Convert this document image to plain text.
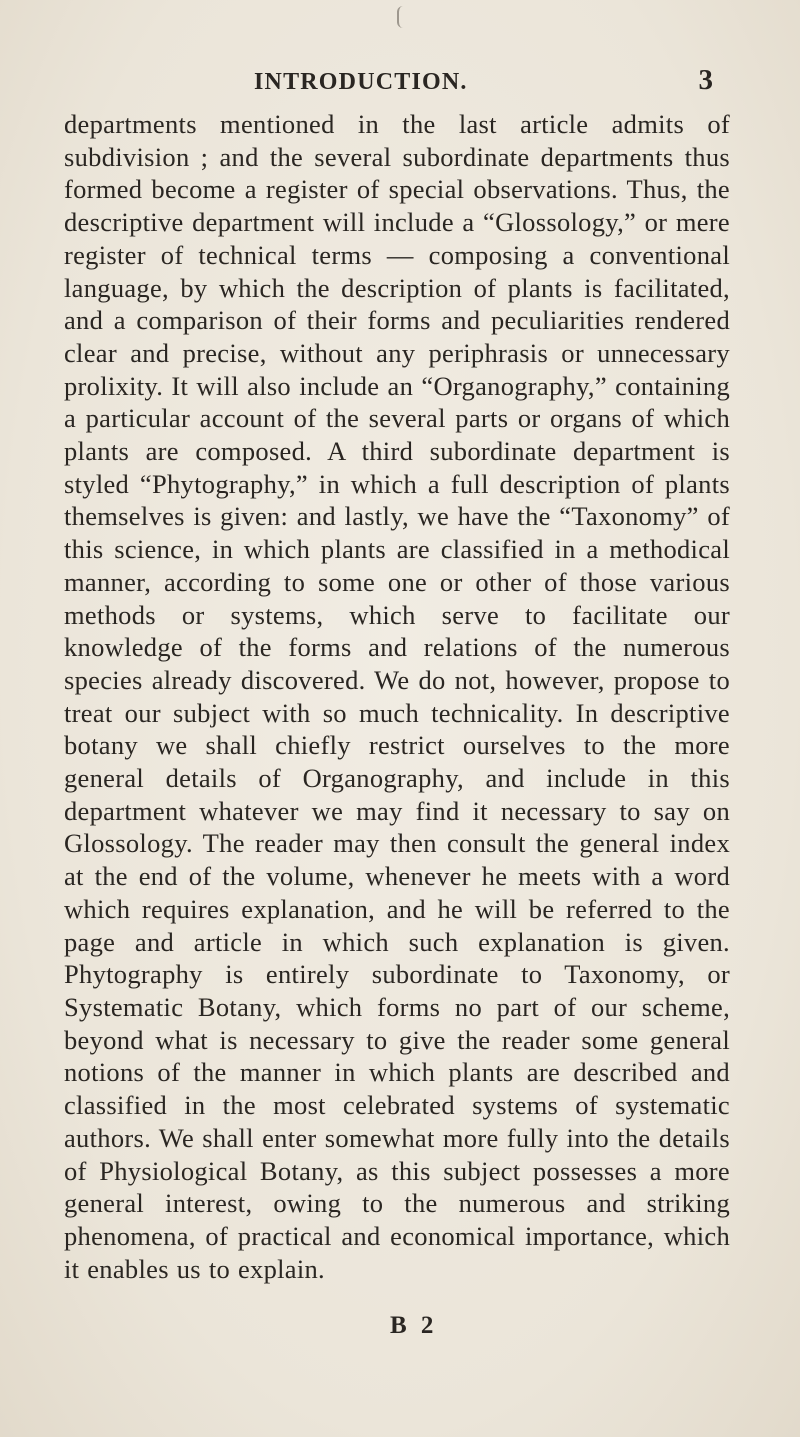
INTRODUCTION.	3

departments mentioned in the last article admits of subdivision ; and the several subordinate departments thus formed become a register of special observations. Thus, the descriptive department will include a “Glossology,” or mere register of technical terms — composing a conventional language, by which the description of plants is facilitated, and a comparison of their forms and peculiarities rendered clear and precise, without any periphrasis or unnecessary prolixity. It will also include an “Organography,” containing a particular account of the several parts or organs of which plants are composed. A third subordinate department is styled “Phytography,” in which a full description of plants themselves is given: and lastly, we have the “Taxonomy” of this science, in which plants are classified in a methodical manner, according to some one or other of those various methods or systems, which serve to facilitate our knowledge of the forms and relations of the numerous species already discovered. We do not, however, propose to treat our subject with so much technicality. In descriptive botany we shall chiefly restrict ourselves to the more general details of Organography, and include in this department whatever we may find it necessary to say on Glossology. The reader may then consult the general index at the end of the volume, whenever he meets with a word which requires explanation, and he will be referred to the page and article in which such explanation is given. Phytography is entirely subordinate to Taxonomy, or Systematic Botany, which forms no part of our scheme, beyond what is necessary to give the reader some general notions of the manner in which plants are described and classified in the most celebrated systems of systematic authors. We shall enter somewhat more fully into the details of Physiological Botany, as this subject possesses a more general interest, owing to the numerous and striking phenomena, of practical and economical importance, which it enables us to explain.

B 2
